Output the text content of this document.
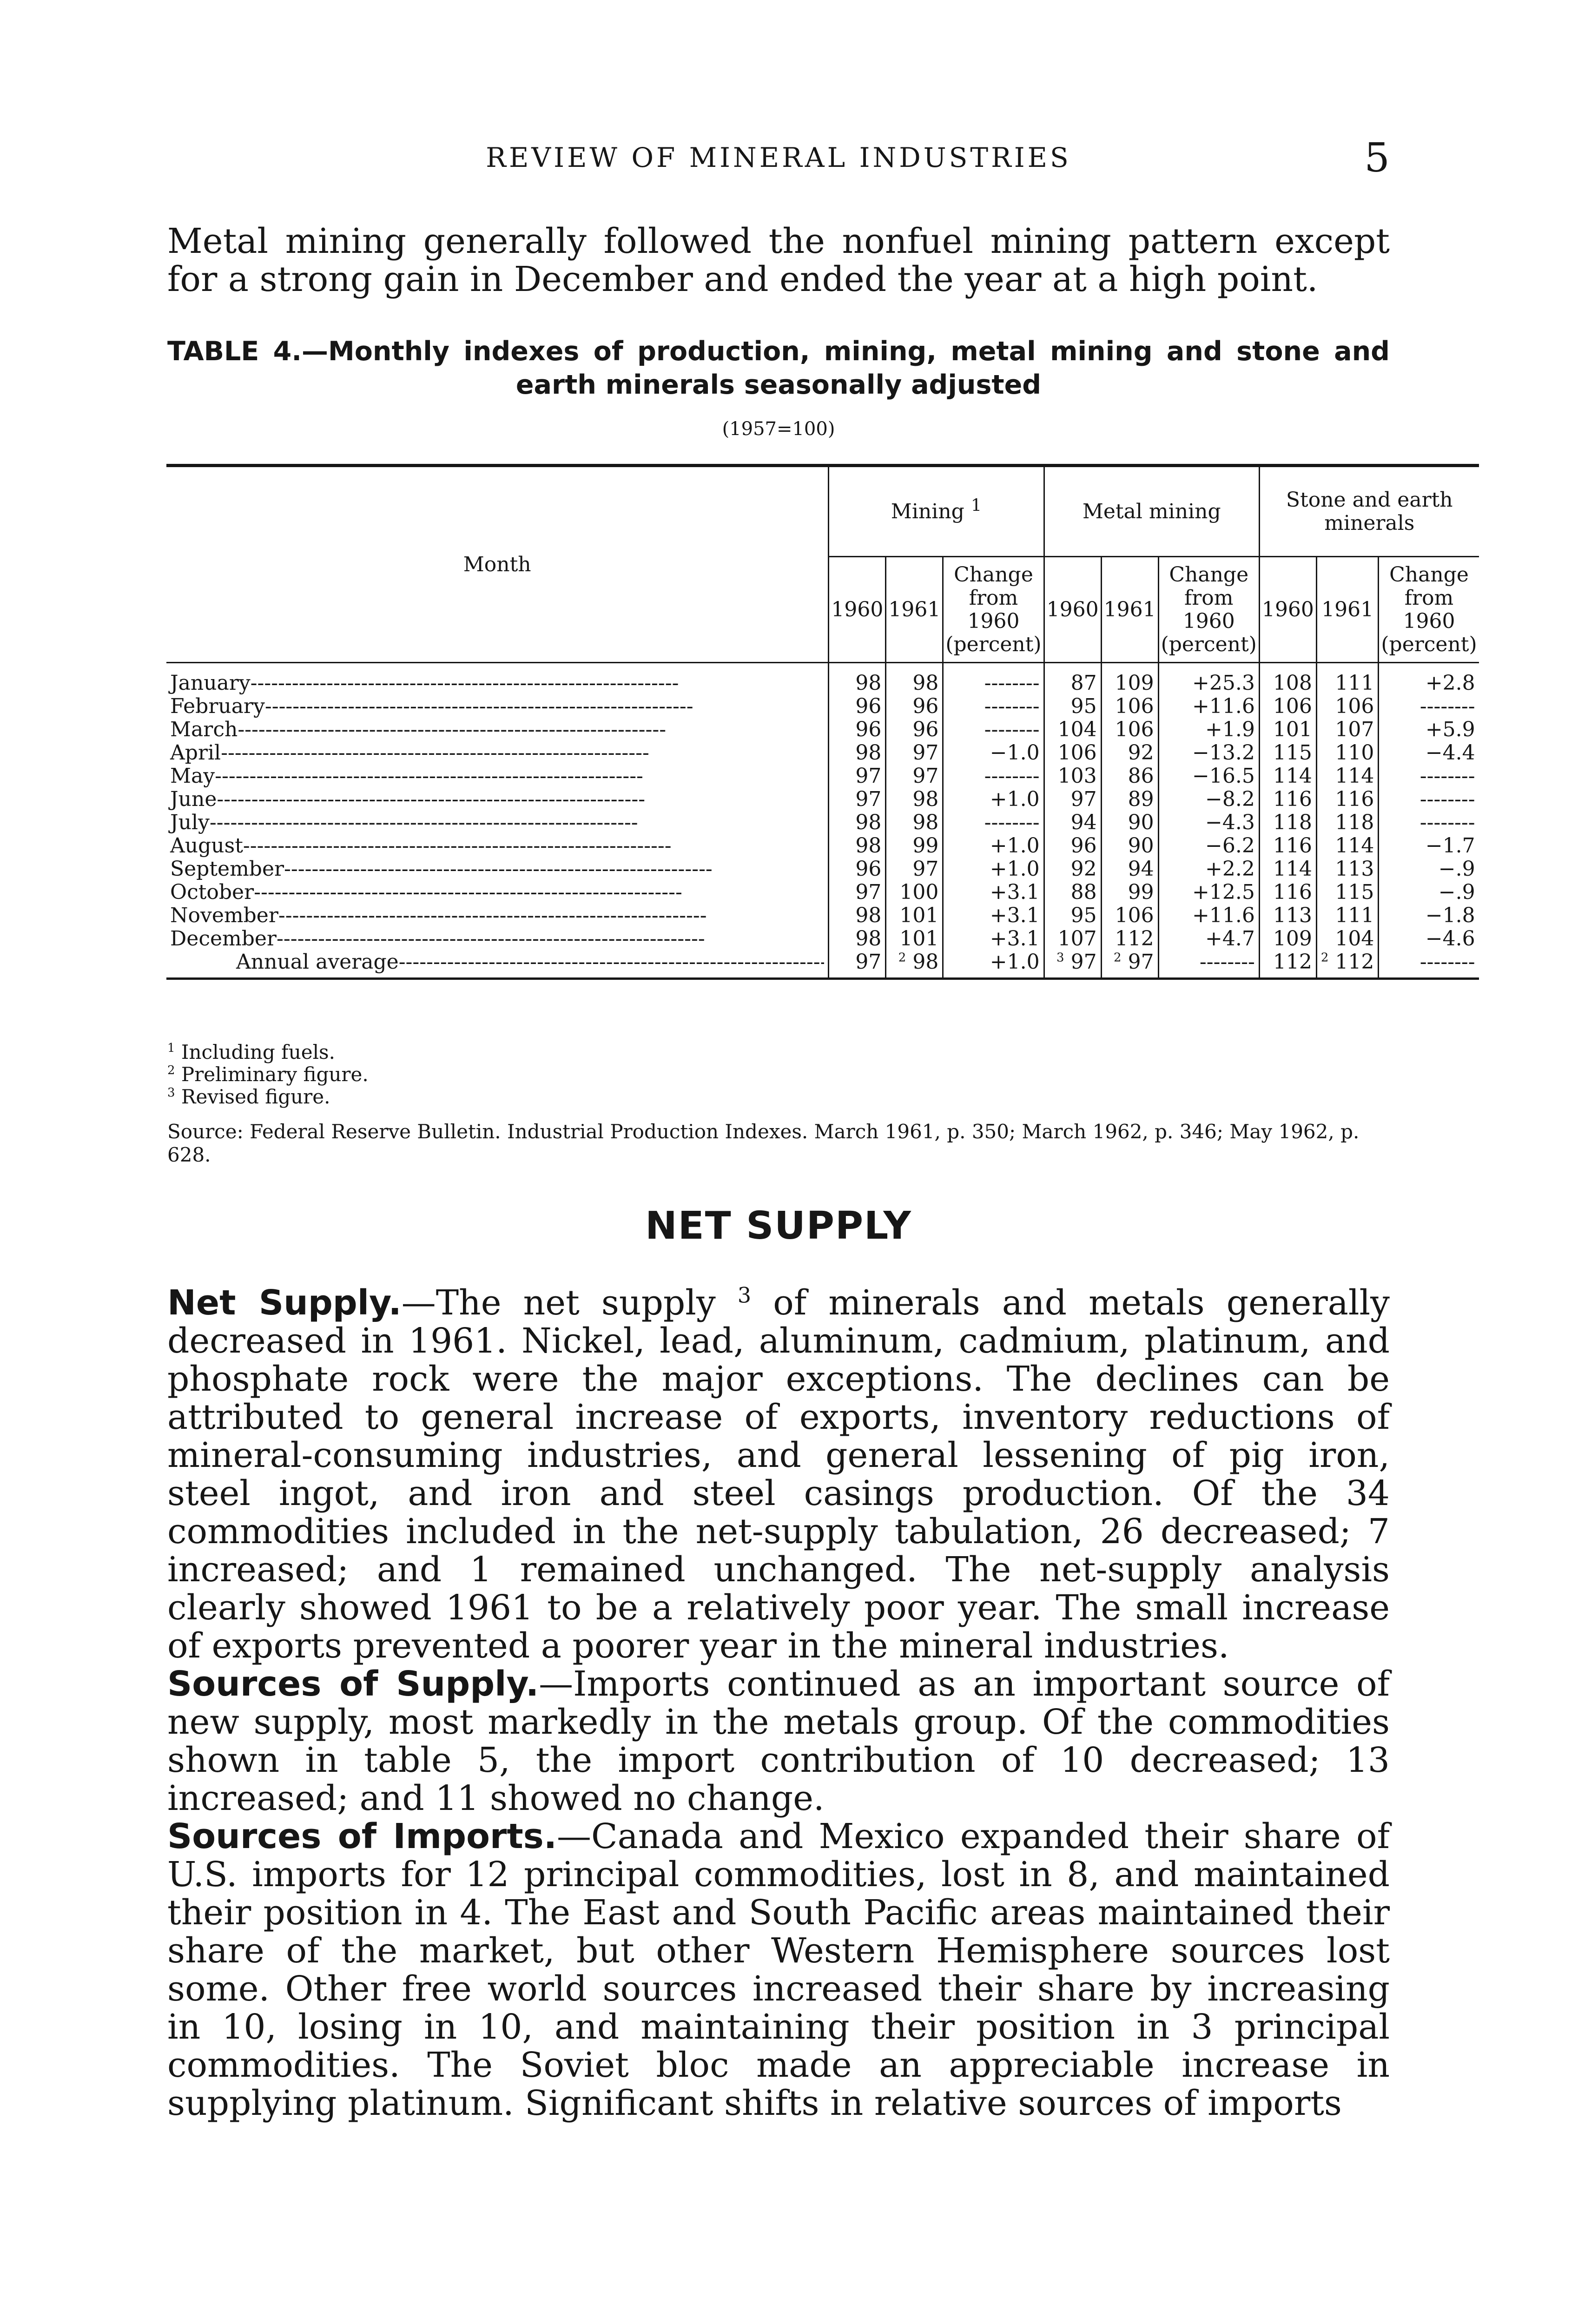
REVIEW OF MINERAL INDUSTRIES	5

Metal mining generally followed the nonfuel mining pattern except for a strong gain in December and ended the year at a high point.

TABLE 4.—Monthly indexes of production, mining, metal mining and stone and
earth minerals seasonally adjusted
(1957=100)
Month	Mining $^1$			Metal mining			Stone and earth minerals		
	1960	1961	Change from 1960 (percent)	1960	1961	Change from 1960 (percent)	1960	1961	Change from 1960 (percent)
January-----	98	98	--------	87	109	+25.3	108	111	+2.8
February-----	96	96	--------	95	106	+11.6	106	106	--------
March-----	96	96	--------	104	106	+1.9	101	107	+5.9
April-----	98	97	−1.0	106	92	−13.2	115	110	−4.4
May-----	97	97	--------	103	86	−16.5	114	114	--------
June-----	97	98	+1.0	97	89	−8.2	116	116	--------
July-----	98	98	--------	94	90	−4.3	118	118	--------
August-----	98	99	+1.0	96	90	−6.2	116	114	−1.7
September-----	96	97	+1.0	92	94	+2.2	114	113	−.9
October-----	97	100	+3.1	88	99	+12.5	116	115	−.9
November-----	98	101	+3.1	95	106	+11.6	113	111	−1.8
December-----	98	101	+3.1	107	112	+4.7	109	104	−4.6
Annual average-----	97	$^2$ 98	+1.0	$^3$ 97	$^2$ 97	--------	112	$^2$ 112	--------
$^1$ Including fuels.
$^2$ Preliminary figure.
$^3$ Revised figure.
Source: Federal Reserve Bulletin. Industrial Production Indexes. March 1961, p. 350; March 1962, p. 346; May 1962, p. 628.
NET SUPPLY

Net Supply.—The net supply $^3$ of minerals and metals generally decreased in 1961. Nickel, lead, aluminum, cadmium, platinum, and phosphate rock were the major exceptions. The declines can be attributed to general increase of exports, inventory reductions of mineral-consuming industries, and general lessening of pig iron, steel ingot, and iron and steel casings production. Of the 34 commodities included in the net-supply tabulation, 26 decreased; 7 increased; and 1 remained unchanged. The net-supply analysis clearly showed 1961 to be a relatively poor year. The small increase of exports prevented a poorer year in the mineral industries.

Sources of Supply.—Imports continued as an important source of new supply, most markedly in the metals group. Of the commodities shown in table 5, the import contribution of 10 decreased; 13 increased; and 11 showed no change.

Sources of Imports.—Canada and Mexico expanded their share of U.S. imports for 12 principal commodities, lost in 8, and maintained their position in 4. The East and South Pacific areas maintained their share of the market, but other Western Hemisphere sources lost some. Other free world sources increased their share by increasing in 10, losing in 10, and maintaining their position in 3 principal commodities. The Soviet bloc made an appreciable increase in supplying platinum. Significant shifts in relative sources of imports
